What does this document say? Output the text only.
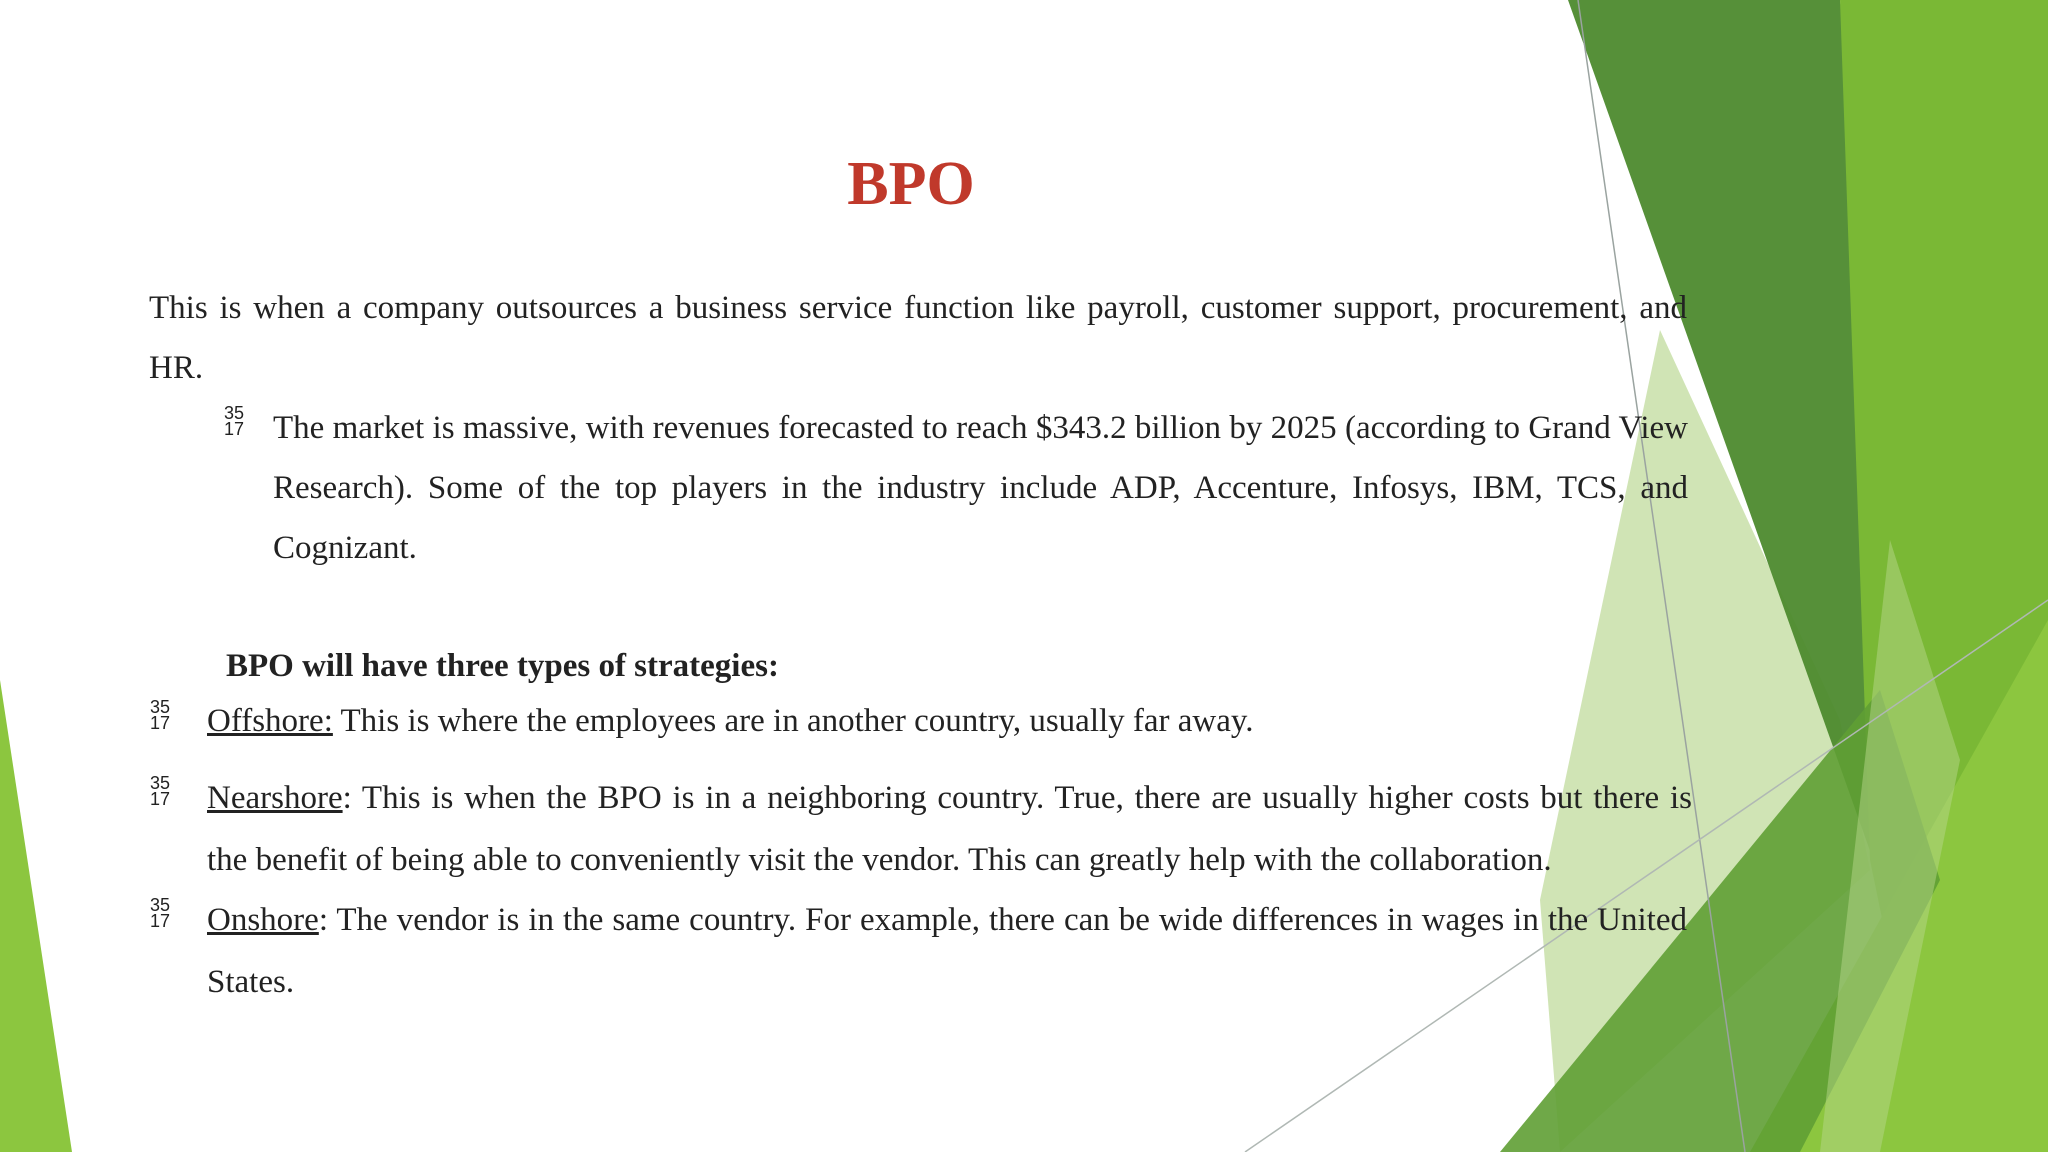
BPO
This is when a company outsources a business service function like payroll, customer support, procurement, and HR.
35
17 The market is massive, with revenues forecasted to reach $343.2 billion by 2025 (according to Grand View Research). Some of the top players in the industry include ADP, Accenture, Infosys, IBM, TCS, and Cognizant.
BPO will have three types of strategies:
35
17 Offshore: This is where the employees are in another country, usually far away.
35
17 Nearshore: This is when the BPO is in a neighboring country. True, there are usually higher costs but there is the benefit of being able to conveniently visit the vendor. This can greatly help with the collaboration.
35
17 Onshore: The vendor is in the same country. For example, there can be wide differences in wages in the United States.
